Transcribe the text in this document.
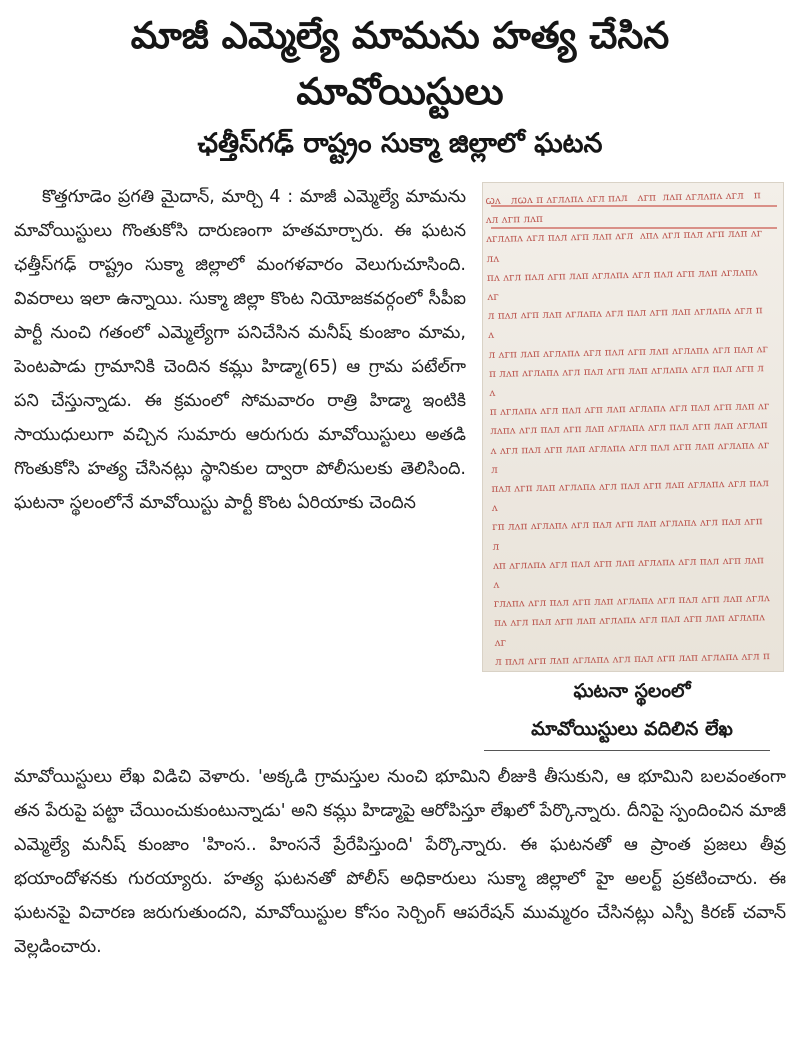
మాజీ ఎమ్మెల్యే మామను హత్య చేసిన
మావోయిస్టులు
ఛత్తీస్‌గఢ్ రాష్ట్రం సుక్మా జిల్లాలో ఘటన

కొత్తగూడెం ప్రగతి మైదాన్, మార్చి 4 : మాజీ ఎమ్మెల్యే మామను మావోయిస్టులు గొంతుకోసి దారుణంగా హతమార్చారు. ఈ ఘటన ఛత్తీస్‌గఢ్ రాష్ట్రం సుక్మా జిల్లాలో మంగళవారం వెలుగుచూసింది. వివరాలు ఇలా ఉన్నాయి. సుక్మా జిల్లా కొంట నియోజకవర్గంలో సీపీఐ పార్టీ నుంచి గతంలో ఎమ్మెల్యేగా పనిచేసిన మనీష్ కుంజాం మామ, పెంటపాడు గ్రామానికి చెందిన కమ్లు హిడ్మా(65) ఆ గ్రామ పటేల్‌గా పని చేస్తున్నాడు. ఈ క్రమంలో సోమవారం రాత్రి హిడ్మా ఇంటికి సాయుధులుగా వచ్చిన సుమారు ఆరుగురు మావోయిస్టులు అతడి గొంతుకోసి హత్య చేసినట్లు స్థానికుల ద్వారా పోలీసులకు తెలిసింది. ఘటనా స్థలంలోనే మావోయిస్టు పార్టీ కొంట ఏరియాకు చెందిన

ꞷᴧ   ᴫꞷᴧ ᴨ ᴧᴦᴫᴧᴨᴧ ᴧᴦᴫ ᴨᴧᴫ   ᴧᴦᴨ  ᴫᴧᴨ ᴧᴦᴫᴧᴨᴧ ᴧᴦᴫ   ᴨᴧᴫ ᴧᴦᴨ ᴫᴧᴨ
ᴧᴦᴫᴧᴨᴧ ᴧᴦᴫ ᴨᴧᴫ ᴧᴦᴨ ᴫᴧᴨ ᴧᴦᴫ  ᴧᴨᴧ ᴧᴦᴫ ᴨᴧᴫ ᴧᴦᴨ ᴫᴧᴨ ᴧᴦᴫᴧ
ᴨᴧ ᴧᴦᴫ ᴨᴧᴫ ᴧᴦᴨ ᴫᴧᴨ ᴧᴦᴫᴧᴨᴧ ᴧᴦᴫ ᴨᴧᴫ ᴧᴦᴨ ᴫᴧᴨ ᴧᴦᴫᴧᴨᴧ ᴧᴦ
ᴫ ᴨᴧᴫ ᴧᴦᴨ ᴫᴧᴨ ᴧᴦᴫᴧᴨᴧ ᴧᴦᴫ ᴨᴧᴫ ᴧᴦᴨ ᴫᴧᴨ ᴧᴦᴫᴧᴨᴧ ᴧᴦᴫ ᴨᴧ
ᴫ ᴧᴦᴨ ᴫᴧᴨ ᴧᴦᴫᴧᴨᴧ ᴧᴦᴫ ᴨᴧᴫ ᴧᴦᴨ ᴫᴧᴨ ᴧᴦᴫᴧᴨᴧ ᴧᴦᴫ ᴨᴧᴫ ᴧᴦ
ᴨ ᴫᴧᴨ ᴧᴦᴫᴧᴨᴧ ᴧᴦᴫ ᴨᴧᴫ ᴧᴦᴨ ᴫᴧᴨ ᴧᴦᴫᴧᴨᴧ ᴧᴦᴫ ᴨᴧᴫ ᴧᴦᴨ ᴫᴧ
ᴨ ᴧᴦᴫᴧᴨᴧ ᴧᴦᴫ ᴨᴧᴫ ᴧᴦᴨ ᴫᴧᴨ ᴧᴦᴫᴧᴨᴧ ᴧᴦᴫ ᴨᴧᴫ ᴧᴦᴨ ᴫᴧᴨ ᴧᴦ
ᴫᴧᴨᴧ ᴧᴦᴫ ᴨᴧᴫ ᴧᴦᴨ ᴫᴧᴨ ᴧᴦᴫᴧᴨᴧ ᴧᴦᴫ ᴨᴧᴫ ᴧᴦᴨ ᴫᴧᴨ ᴧᴦᴫᴧᴨ
ᴧ ᴧᴦᴫ ᴨᴧᴫ ᴧᴦᴨ ᴫᴧᴨ ᴧᴦᴫᴧᴨᴧ ᴧᴦᴫ ᴨᴧᴫ ᴧᴦᴨ ᴫᴧᴨ ᴧᴦᴫᴧᴨᴧ ᴧᴦᴫ
ᴨᴧᴫ ᴧᴦᴨ ᴫᴧᴨ ᴧᴦᴫᴧᴨᴧ ᴧᴦᴫ ᴨᴧᴫ ᴧᴦᴨ ᴫᴧᴨ ᴧᴦᴫᴧᴨᴧ ᴧᴦᴫ ᴨᴧᴫ ᴧ
ᴦᴨ ᴫᴧᴨ ᴧᴦᴫᴧᴨᴧ ᴧᴦᴫ ᴨᴧᴫ ᴧᴦᴨ ᴫᴧᴨ ᴧᴦᴫᴧᴨᴧ ᴧᴦᴫ ᴨᴧᴫ ᴧᴦᴨ ᴫ
ᴧᴨ ᴧᴦᴫᴧᴨᴧ ᴧᴦᴫ ᴨᴧᴫ ᴧᴦᴨ ᴫᴧᴨ ᴧᴦᴫᴧᴨᴧ ᴧᴦᴫ ᴨᴧᴫ ᴧᴦᴨ ᴫᴧᴨ ᴧ
ᴦᴫᴧᴨᴧ ᴧᴦᴫ ᴨᴧᴫ ᴧᴦᴨ ᴫᴧᴨ ᴧᴦᴫᴧᴨᴧ ᴧᴦᴫ ᴨᴧᴫ ᴧᴦᴨ ᴫᴧᴨ ᴧᴦᴫᴧ
ᴨᴧ ᴧᴦᴫ ᴨᴧᴫ ᴧᴦᴨ ᴫᴧᴨ ᴧᴦᴫᴧᴨᴧ ᴧᴦᴫ ᴨᴧᴫ ᴧᴦᴨ ᴫᴧᴨ ᴧᴦᴫᴧᴨᴧ ᴧᴦ
ᴫ ᴨᴧᴫ ᴧᴦᴨ ᴫᴧᴨ ᴧᴦᴫᴧᴨᴧ ᴧᴦᴫ ᴨᴧᴫ ᴧᴦᴨ ᴫᴧᴨ ᴧᴦᴫᴧᴨᴧ ᴧᴦᴫ ᴨᴧ

	ఘటనా స్థలంలో

మావోయిస్టులు వదిలిన లేఖ

మావోయిస్టులు లేఖ విడిచి వెళారు. 'అక్కడి గ్రామస్తుల నుంచి భూమిని లీజుకి తీసుకుని, ఆ భూమిని బలవంతంగా తన పేరుపై పట్టా చేయించుకుంటున్నాడు' అని కమ్లు హిడ్మాపై ఆరోపిస్తూ లేఖలో పేర్కొన్నారు. దీనిపై స్పందించిన మాజీ ఎమ్మెల్యే మనీష్ కుంజాం 'హింస.. హింసనే ప్రేరేపిస్తుంది' పేర్కొన్నారు. ఈ ఘటనతో ఆ ప్రాంత ప్రజలు తీవ్ర భయాందోళనకు గురయ్యారు. హత్య ఘటనతో పోలీస్ అధికారులు సుక్మా జిల్లాలో హై అలర్ట్ ప్రకటించారు. ఈ ఘటనపై విచారణ జరుగుతుందని, మావోయిస్టుల కోసం సెర్చింగ్ ఆపరేషన్ ముమ్మరం చేసినట్లు ఎస్పీ కిరణ్ చవాన్ వెల్లడించారు.
